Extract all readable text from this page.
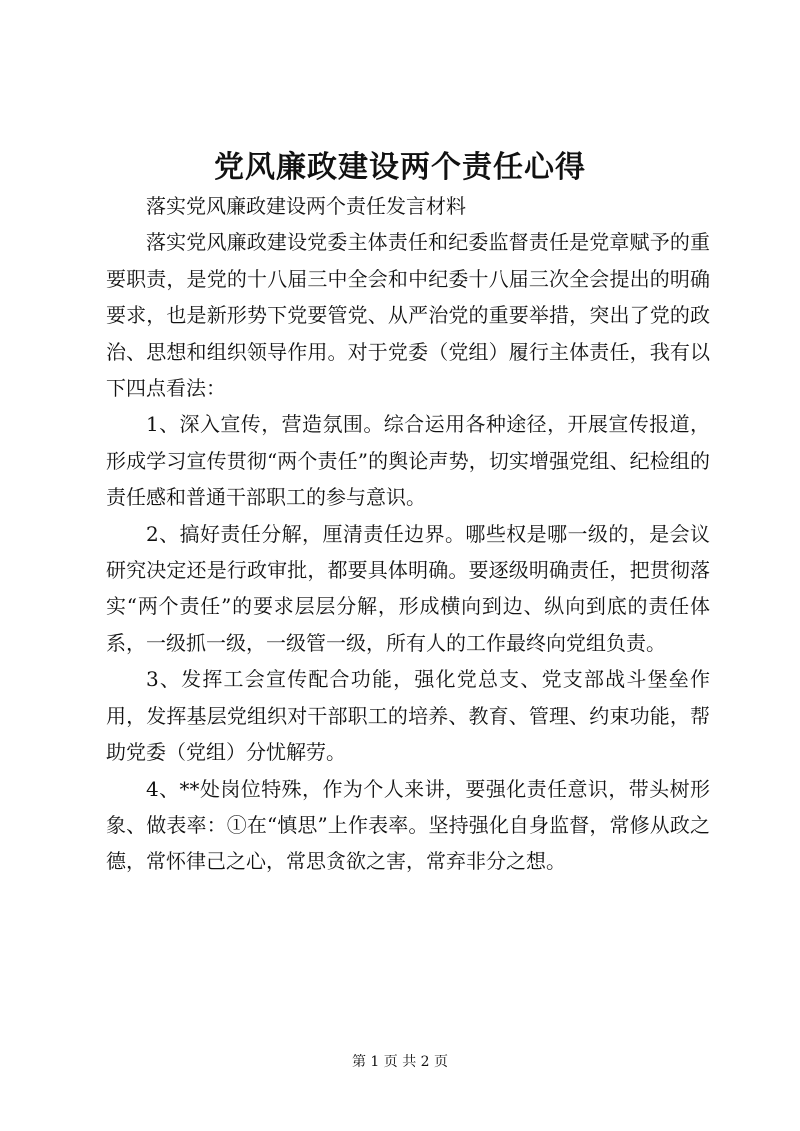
党风廉政建设两个责任心得

落实党风廉政建设两个责任发言材料

落实党风廉政建设党委主体责任和纪委监督责任是党章赋予的重要职责，是党的十八届三中全会和中纪委十八届三次全会提出的明确要求，也是新形势下党要管党、从严治党的重要举措，突出了党的政治、思想和组织领导作用。对于党委（党组）履行主体责任，我有以下四点看法：

1、深入宣传，营造氛围。综合运用各种途径，开展宣传报道，形成学习宣传贯彻“两个责任”的舆论声势，切实增强党组、纪检组的责任感和普通干部职工的参与意识。

2、搞好责任分解，厘清责任边界。哪些权是哪一级的，是会议研究决定还是行政审批，都要具体明确。要逐级明确责任，把贯彻落实“两个责任”的要求层层分解，形成横向到边、纵向到底的责任体系，一级抓一级，一级管一级，所有人的工作最终向党组负责。

3、发挥工会宣传配合功能，强化党总支、党支部战斗堡垒作用，发挥基层党组织对干部职工的培养、教育、管理、约束功能，帮助党委（党组）分忧解劳。

4、**处岗位特殊，作为个人来讲，要强化责任意识，带头树形象、做表率：①在“慎思”上作表率。坚持强化自身监督，常修从政之德，常怀律己之心，常思贪欲之害，常弃非分之想。

第 1 页 共 2 页
